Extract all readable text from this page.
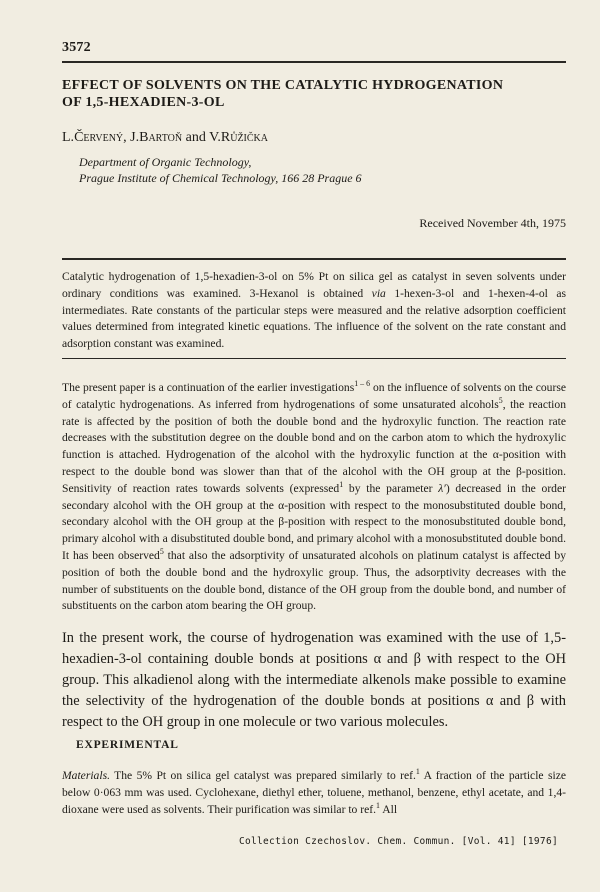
3572
EFFECT OF SOLVENTS ON THE CATALYTIC HYDROGENATION
OF 1,5-HEXADIEN-3-OL
L.Červený, J.Bartoň and V.Růžička
Department of Organic Technology,
Prague Institute of Chemical Technology, 166 28 Prague 6
Received November 4th, 1975
Catalytic hydrogenation of 1,5-hexadien-3-ol on 5% Pt on silica gel as catalyst in seven solvents under ordinary conditions was examined. 3-Hexanol is obtained via 1-hexen-3-ol and 1-hexen-4-ol as intermediates. Rate constants of the particular steps were measured and the relative adsorption coefficient values determined from integrated kinetic equations. The influence of the solvent on the rate constant and adsorption constant was examined.
The present paper is a continuation of the earlier investigations$^{1 - 6}$ on the influence of solvents on the course of catalytic hydrogenations. As inferred from hydrogenations of some unsaturated alcohols$^5$, the reaction rate is affected by the position of both the double bond and the hydroxylic function. The reaction rate decreases with the substitution degree on the double bond and on the carbon atom to which the hydroxylic function is attached. Hydrogenation of the alcohol with the hydroxylic function at the α-position with respect to the double bond was slower than that of the alcohol with the OH group at the β-position. Sensitivity of reaction rates towards solvents (expressed$^1$ by the parameter λ′) decreased in the order secondary alcohol with the OH group at the α-position with respect to the monosubstituted double bond, secondary alcohol with the OH group at the β-position with respect to the monosubstituted double bond, primary alcohol with a disubstituted double bond, and primary alcohol with a monosubstituted double bond. It has been observed$^5$ that also the adsorptivity of unsaturated alcohols on platinum catalyst is affected by position of both the double bond and the hydroxylic group. Thus, the adsorptivity decreases with the number of substituents on the double bond, distance of the OH group from the double bond, and number of substituents on the carbon atom bearing the OH group.
In the present work, the course of hydrogenation was examined with the use of 1,5-hexadien-3-ol containing double bonds at positions α and β with respect to the OH group. This alkadienol along with the intermediate alkenols make possible to examine the selectivity of the hydrogenation of the double bonds at positions α and β with respect to the OH group in one molecule or two various molecules.
EXPERIMENTAL
Materials. The 5% Pt on silica gel catalyst was prepared similarly to ref.$^1$ A fraction of the particle size below 0·063 mm was used. Cyclohexane, diethyl ether, toluene, methanol, benzene, ethyl acetate, and 1,4-dioxane were used as solvents. Their purification was similar to ref.$^1$ All
Collection Czechoslov. Chem. Commun. [Vol. 41] [1976]
